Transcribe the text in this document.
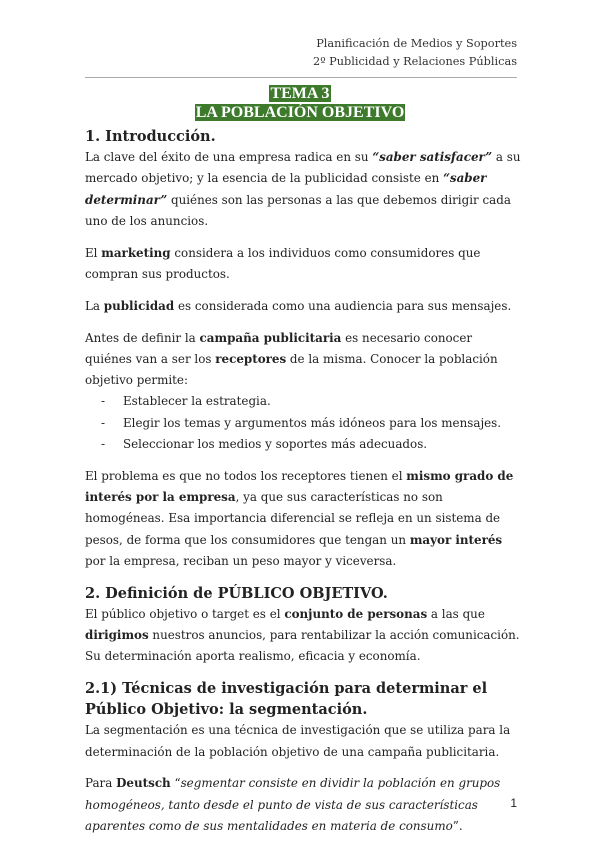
Planificación de Medios y Soportes
2º Publicidad y Relaciones Públicas
TEMA 3
LA POBLACIÓN OBJETIVO
1. Introducción.

La clave del éxito de una empresa radica en su “saber satisfacer” a su mercado objetivo; y la esencia de la publicidad consiste en “saber determinar” quiénes son las personas a las que debemos dirigir cada uno de los anuncios.

El marketing considera a los individuos como consumidores que compran sus productos.

La publicidad es considerada como una audiencia para sus mensajes.

Antes de definir la campaña publicitaria es necesario conocer quiénes van a ser los receptores de la misma. Conocer la población objetivo permite:

- Establecer la estrategia.
- Elegir los temas y argumentos más idóneos para los mensajes.
- Seleccionar los medios y soportes más adecuados.

El problema es que no todos los receptores tienen el mismo grado de interés por la empresa, ya que sus características no son homogéneas. Esa importancia diferencial se refleja en un sistema de pesos, de forma que los consumidores que tengan un mayor interés por la empresa, reciban un peso mayor y viceversa.

2. Definición de PÚBLICO OBJETIVO.

El público objetivo o target es el conjunto de personas a las que dirigimos nuestros anuncios, para rentabilizar la acción comunicación. Su determinación aporta realismo, eficacia y economía.

2.1) Técnicas de investigación para determinar el Público Objetivo: la segmentación.

La segmentación es una técnica de investigación que se utiliza para la determinación de la población objetivo de una campaña publicitaria.

Para Deutsch “segmentar consiste en dividir la población en grupos homogéneos, tanto desde el punto de vista de sus características aparentes como de sus mentalidades en materia de consumo”.

1
